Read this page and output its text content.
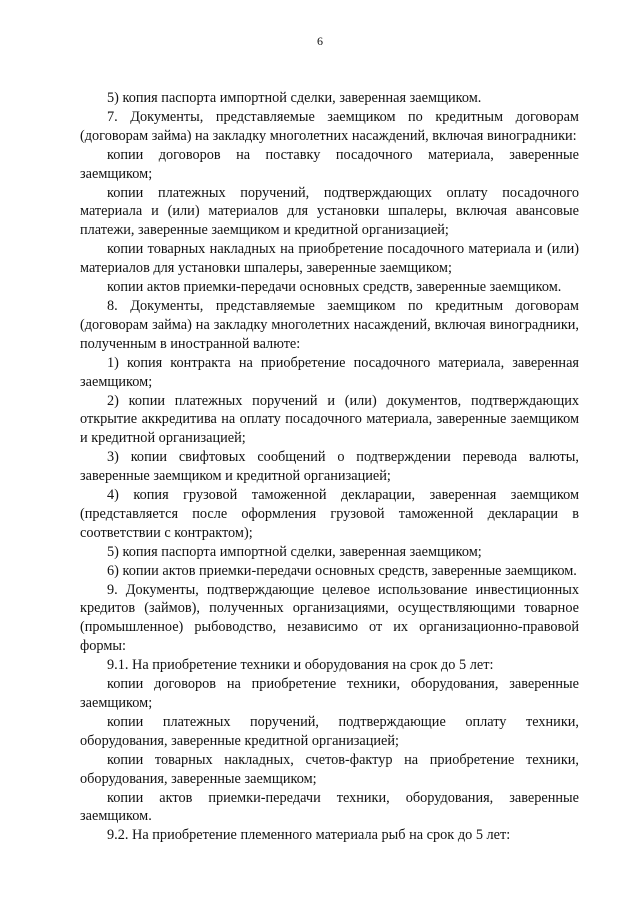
6

5) копия паспорта импортной сделки, заверенная заемщиком.

7. Документы, представляемые заемщиком по кредитным договорам (договорам займа) на закладку многолетних насаждений, включая виноградники:

копии договоров на поставку посадочного материала, заверенные заемщиком;

копии платежных поручений, подтверждающих оплату посадочного материала и (или) материалов для установки шпалеры, включая авансовые платежи, заверенные заемщиком и кредитной организацией;

копии товарных накладных на приобретение посадочного материала и (или) материалов для установки шпалеры, заверенные заемщиком;

копии актов приемки-передачи основных средств, заверенные заемщиком.

8. Документы, представляемые заемщиком по кредитным договорам (договорам займа) на закладку многолетних насаждений, включая виноградники, полученным в иностранной валюте:

1) копия контракта на приобретение посадочного материала, заверенная заемщиком;

2) копии платежных поручений и (или) документов, подтверждающих открытие аккредитива на оплату посадочного материала, заверенные заемщиком и кредитной организацией;

3) копии свифтовых сообщений о подтверждении перевода валюты, заверенные заемщиком и кредитной организацией;

4) копия грузовой таможенной декларации, заверенная заемщиком (представляется после оформления грузовой таможенной декларации в соответствии с контрактом);

5) копия паспорта импортной сделки, заверенная заемщиком;

6) копии актов приемки-передачи основных средств, заверенные заемщиком.

9. Документы, подтверждающие целевое использование инвестиционных кредитов (займов), полученных организациями, осуществляющими товарное (промышленное) рыбоводство, независимо от их организационно-правовой формы:

9.1. На приобретение техники и оборудования на срок до 5 лет:

копии договоров на приобретение техники, оборудования, заверенные заемщиком;

копии платежных поручений, подтверждающие оплату техники, оборудования, заверенные кредитной организацией;

копии товарных накладных, счетов-фактур на приобретение техники, оборудования, заверенные заемщиком;

копии актов приемки-передачи техники, оборудования, заверенные заемщиком.

9.2. На приобретение племенного материала рыб на срок до 5 лет:
